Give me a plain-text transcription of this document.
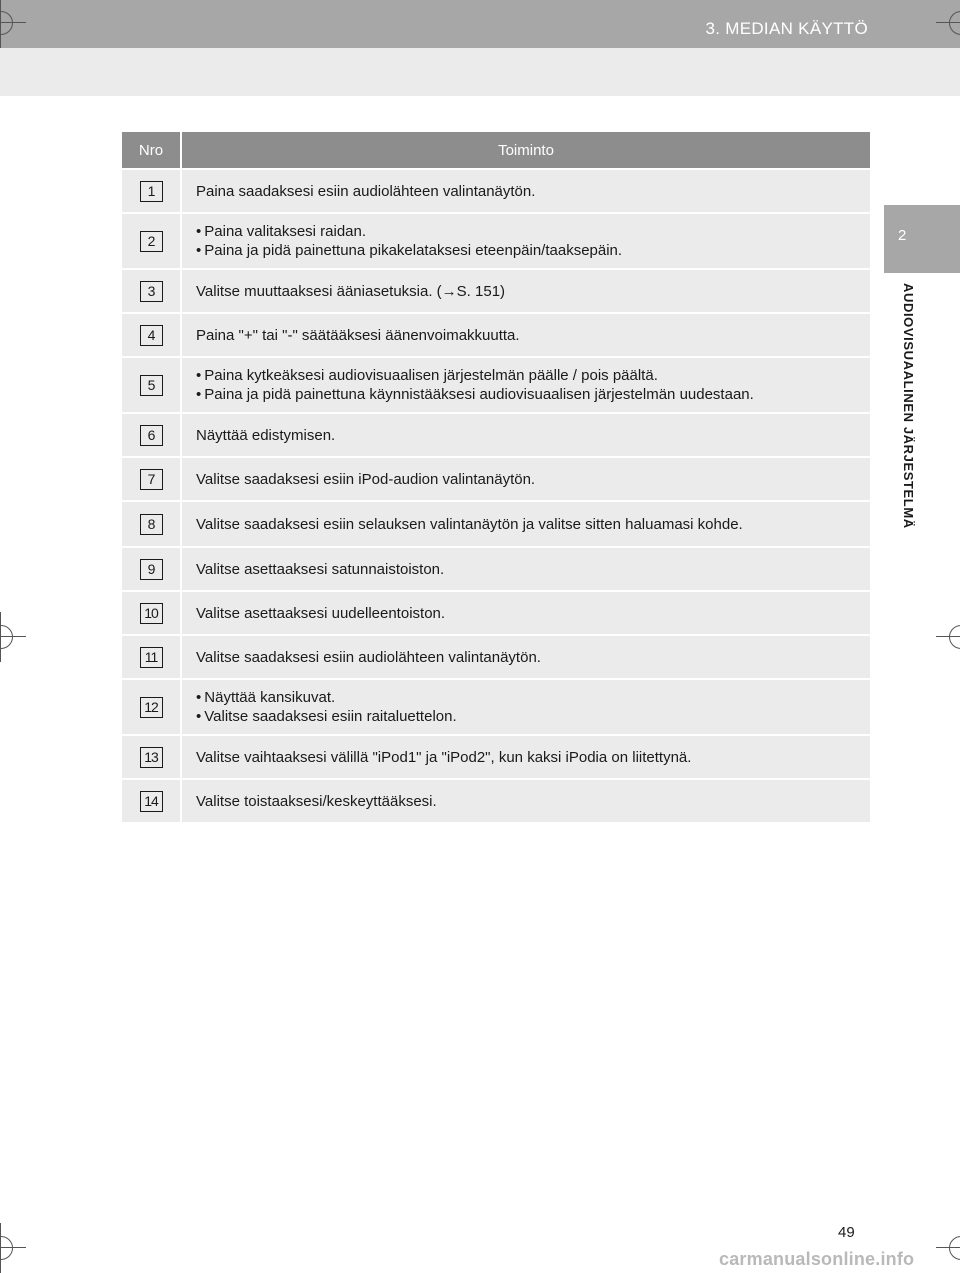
3. MEDIAN KÄYTTÖ
2
AUDIOVISUAALINEN JÄRJESTELMÄ
Nro	Toiminto
1	Paina saadaksesi esiin audiolähteen valintanäytön.

2	• Paina valitaksesi raidan.
• Paina ja pidä painettuna pikakelataksesi eteenpäin/taaksepäin.

3	Valitse muuttaaksesi ääniasetuksia. (→S. 151)

4	Paina "+" tai "-" säätääksesi äänenvoimakkuutta.

5	• Paina kytkeäksesi audiovisuaalisen järjestelmän päälle / pois päältä.
• Paina ja pidä painettuna käynnistääksesi audiovisuaalisen järjestelmän uudestaan.

6	Näyttää edistymisen.

7	Valitse saadaksesi esiin iPod-audion valintanäytön.

8	Valitse saadaksesi esiin selauksen valintanäytön ja valitse sitten haluamasi kohde.

9	Valitse asettaaksesi satunnaistoiston.

10	Valitse asettaaksesi uudelleentoiston.

11	Valitse saadaksesi esiin audiolähteen valintanäytön.

12	• Näyttää kansikuvat.
• Valitse saadaksesi esiin raitaluettelon.

13	Valitse vaihtaaksesi välillä "iPod1" ja "iPod2", kun kaksi iPodia on liitettynä.

14	Valitse toistaaksesi/keskeyttääksesi.
49
carmanualsonline.info
